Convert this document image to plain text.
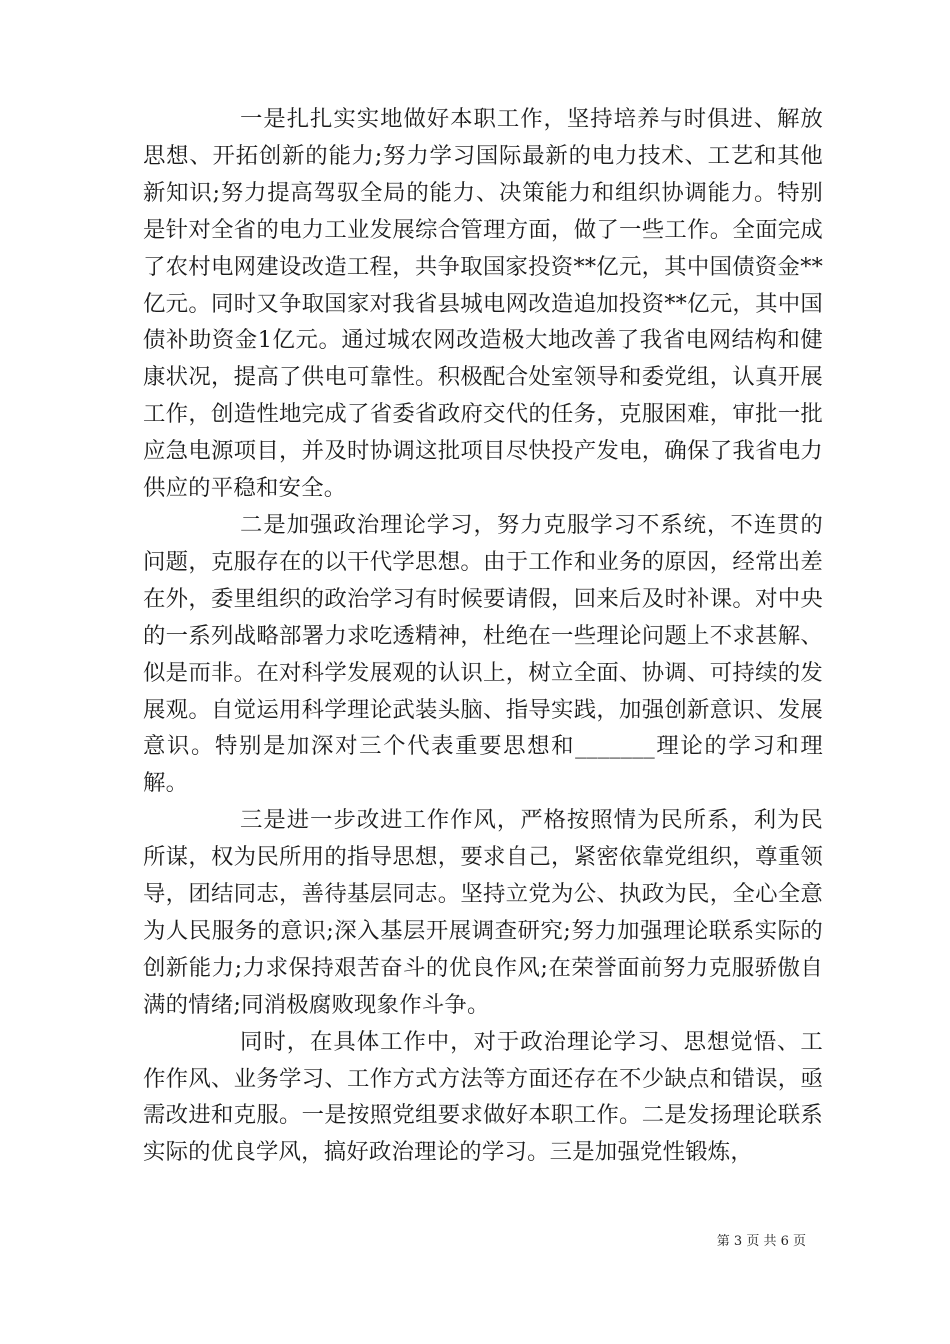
一是扎扎实实地做好本职工作，坚持培养与时俱进、解放思想、开拓创新的能力;努力学习国际最新的电力技术、工艺和其他新知识;努力提高驾驭全局的能力、决策能力和组织协调能力。特别是针对全省的电力工业发展综合管理方面，做了一些工作。全面完成了农村电网建设改造工程，共争取国家投资**亿元，其中国债资金**亿元。同时又争取国家对我省县城电网改造追加投资**亿元，其中国债补助资金1亿元。通过城农网改造极大地改善了我省电网结构和健康状况，提高了供电可靠性。积极配合处室领导和委党组，认真开展工作，创造性地完成了省委省政府交代的任务，克服困难，审批一批应急电源项目，并及时协调这批项目尽快投产发电，确保了我省电力供应的平稳和安全。

二是加强政治理论学习，努力克服学习不系统，不连贯的问题，克服存在的以干代学思想。由于工作和业务的原因，经常出差在外，委里组织的政治学习有时候要请假，回来后及时补课。对中央的一系列战略部署力求吃透精神，杜绝在一些理论问题上不求甚解、似是而非。在对科学发展观的认识上，树立全面、协调、可持续的发展观。自觉运用科学理论武装头脑、指导实践，加强创新意识、发展意识。特别是加深对三个代表重要思想和_______理论的学习和理解。

三是进一步改进工作作风，严格按照情为民所系，利为民所谋，权为民所用的指导思想，要求自己，紧密依靠党组织，尊重领导，团结同志，善待基层同志。坚持立党为公、执政为民，全心全意为人民服务的意识;深入基层开展调查研究;努力加强理论联系实际的创新能力;力求保持艰苦奋斗的优良作风;在荣誉面前努力克服骄傲自满的情绪;同消极腐败现象作斗争。

同时，在具体工作中，对于政治理论学习、思想觉悟、工作作风、业务学习、工作方式方法等方面还存在不少缺点和错误，亟需改进和克服。一是按照党组要求做好本职工作。二是发扬理论联系实际的优良学风，搞好政治理论的学习。三是加强党性锻炼，

第 3 页 共 6 页
